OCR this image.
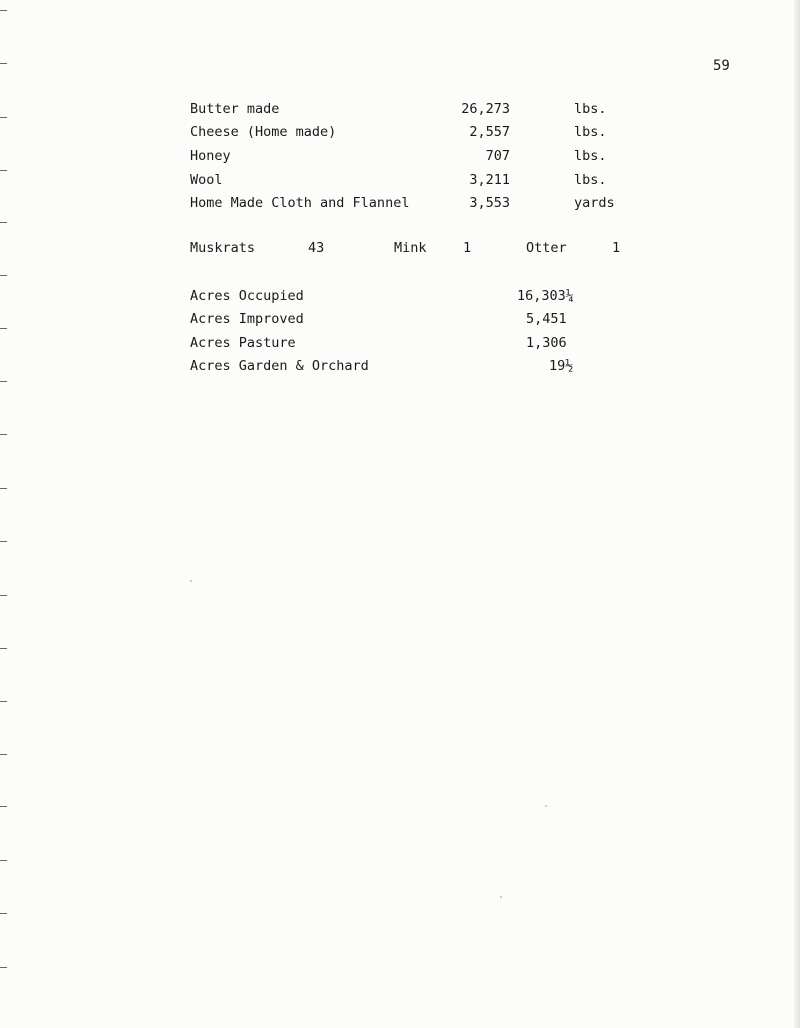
59
Butter made	26,273	lbs.
Cheese (Home made)	2,557	lbs.
Honey	707	lbs.
Wool	3,211	lbs.
Home Made Cloth and Flannel	3,553	yards
Muskrats	43	Mink	1	Otter	1
Acres Occupied	16,303¼
Acres Improved	5,451
Acres Pasture	1,306
Acres Garden & Orchard	19½
